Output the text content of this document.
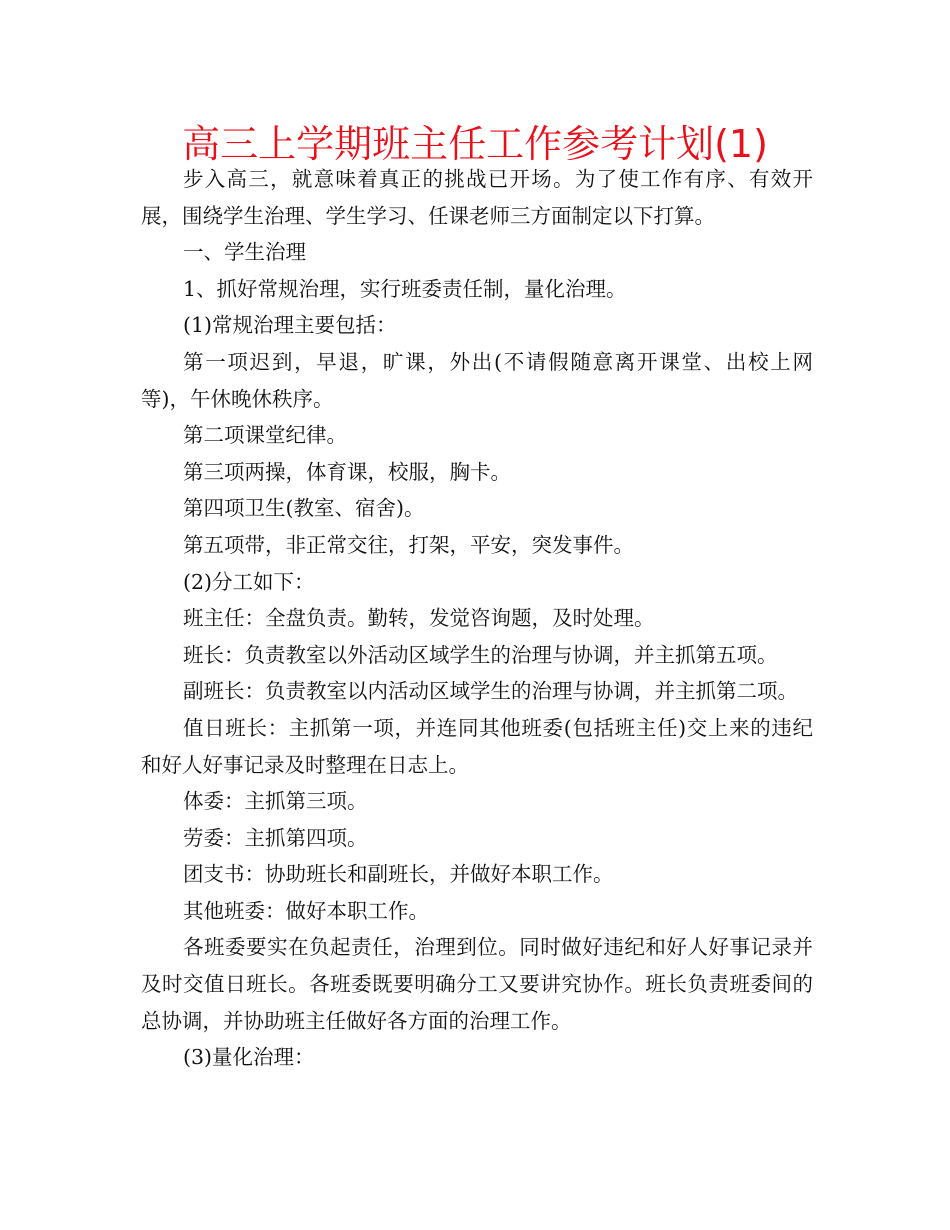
高三上学期班主任工作参考计划(1)

步入高三，就意味着真正的挑战已开场。为了使工作有序、有效开展，围绕学生治理、学生学习、任课老师三方面制定以下打算。

一、学生治理

1、抓好常规治理，实行班委责任制，量化治理。

(1)常规治理主要包括：

第一项迟到，早退，旷课，外出(不请假随意离开课堂、出校上网等)，午休晚休秩序。

第二项课堂纪律。

第三项两操，体育课，校服，胸卡。

第四项卫生(教室、宿舍)。

第五项带，非正常交往，打架，平安，突发事件。

(2)分工如下：

班主任：全盘负责。勤转，发觉咨询题，及时处理。

班长：负责教室以外活动区域学生的治理与协调，并主抓第五项。

副班长：负责教室以内活动区域学生的治理与协调，并主抓第二项。

值日班长：主抓第一项，并连同其他班委(包括班主任)交上来的违纪和好人好事记录及时整理在日志上。

体委：主抓第三项。

劳委：主抓第四项。

团支书：协助班长和副班长，并做好本职工作。

其他班委：做好本职工作。

各班委要实在负起责任，治理到位。同时做好违纪和好人好事记录并及时交值日班长。各班委既要明确分工又要讲究协作。班长负责班委间的总协调，并协助班主任做好各方面的治理工作。

(3)量化治理：
